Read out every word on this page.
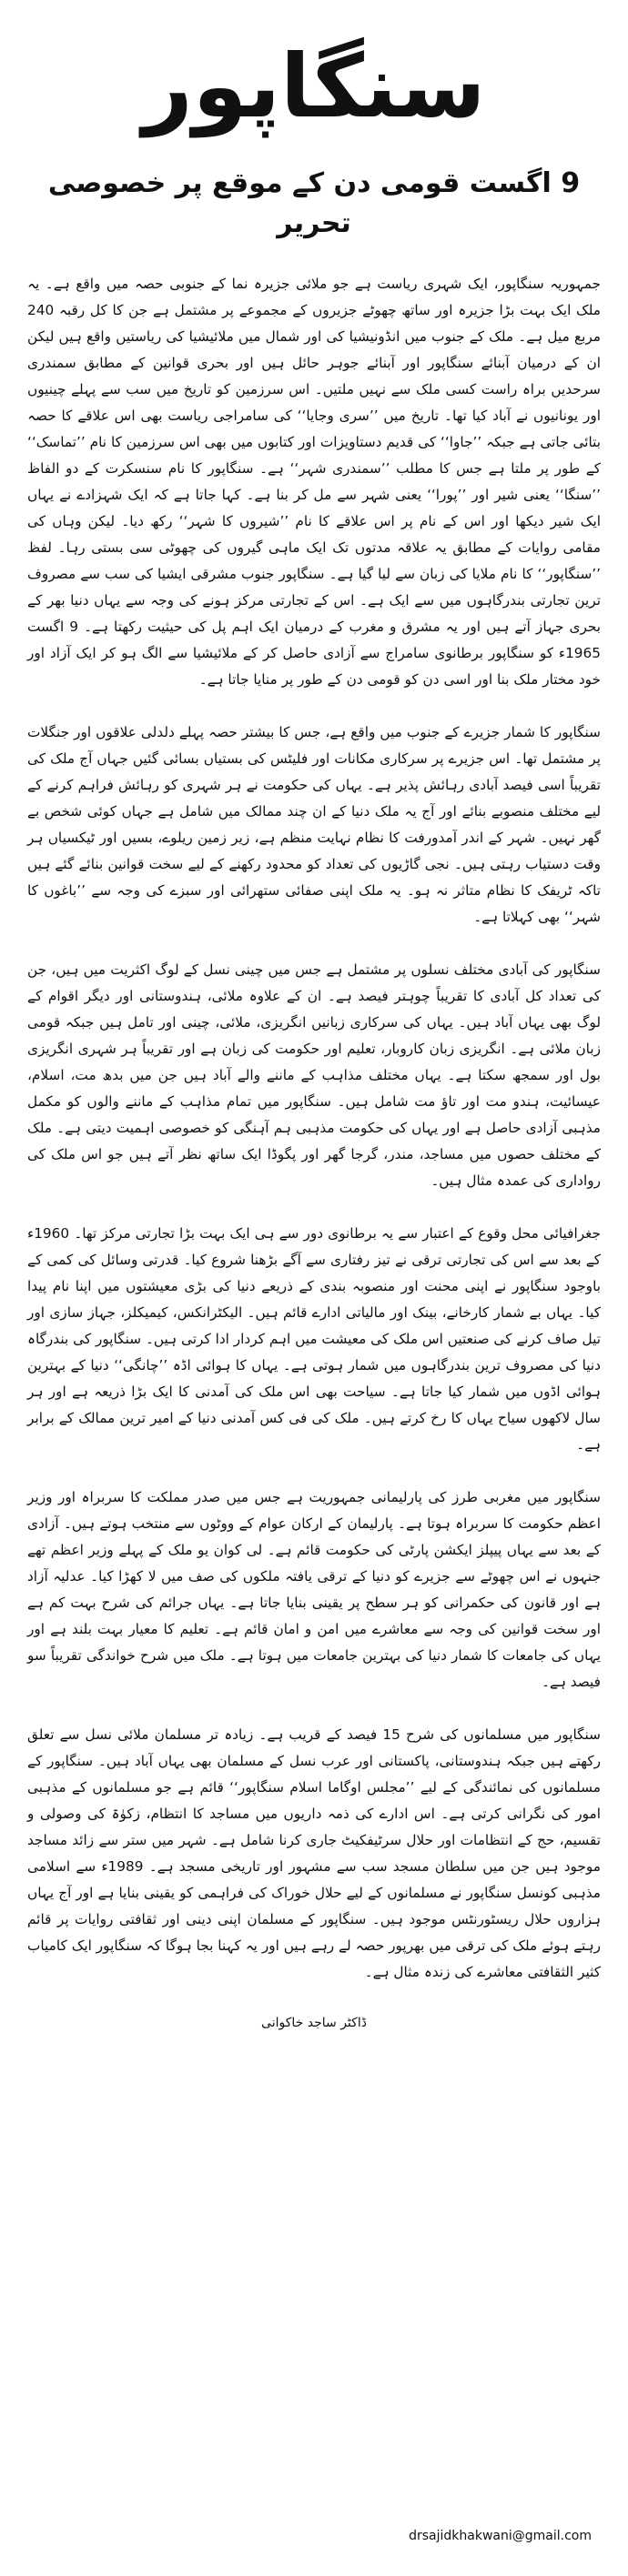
سنگاپور
9 اگست قومی دن کے موقع پر خصوصی تحریر

جمہوریہ سنگاپور، ایک شہری ریاست ہے جو ملائی جزیرہ نما کے جنوبی حصہ میں واقع ہے۔ یہ ملک ایک بہت بڑا جزیرہ اور ساتھ چھوٹے جزیروں کے مجموعے پر مشتمل ہے جن کا کل رقبہ 240 مربع میل ہے۔ ملک کے جنوب میں انڈونیشیا کی اور شمال میں ملائیشیا کی ریاستیں واقع ہیں لیکن ان کے درمیان آبنائے سنگاپور اور آبنائے جوہر حائل ہیں اور بحری قوانین کے مطابق سمندری سرحدیں براہ راست کسی ملک سے نہیں ملتیں۔ اس سرزمین کو تاریخ میں سب سے پہلے چینیوں اور یونانیوں نے آباد کیا تھا۔ تاریخ میں ’’سری وجایا‘‘ کی سامراجی ریاست بھی اس علاقے کا حصہ بتائی جاتی ہے جبکہ ’’جاوا‘‘ کی قدیم دستاویزات اور کتابوں میں بھی اس سرزمین کا نام ’’تماسک‘‘ کے طور پر ملتا ہے جس کا مطلب ’’سمندری شہر‘‘ ہے۔ سنگاپور کا نام سنسکرت کے دو الفاظ ’’سنگا‘‘ یعنی شیر اور ’’پورا‘‘ یعنی شہر سے مل کر بنا ہے۔ کہا جاتا ہے کہ ایک شہزادے نے یہاں ایک شیر دیکھا اور اس کے نام پر اس علاقے کا نام ’’شیروں کا شہر‘‘ رکھ دیا۔ لیکن وہاں کی مقامی روایات کے مطابق یہ علاقہ مدتوں تک ایک ماہی گیروں کی چھوٹی سی بستی رہا۔ لفظ ’’سنگاپور‘‘ کا نام ملایا کی زبان سے لیا گیا ہے۔ سنگاپور جنوب مشرقی ایشیا کی سب سے مصروف ترین تجارتی بندرگاہوں میں سے ایک ہے۔ اس کے تجارتی مرکز ہونے کی وجہ سے یہاں دنیا بھر کے بحری جہاز آتے ہیں اور یہ مشرق و مغرب کے درمیان ایک اہم پل کی حیثیت رکھتا ہے۔ 9 اگست 1965ء کو سنگاپور برطانوی سامراج سے آزادی حاصل کر کے ملائیشیا سے الگ ہو کر ایک آزاد اور خود مختار ملک بنا اور اسی دن کو قومی دن کے طور پر منایا جاتا ہے۔

سنگاپور کا شمار جزیرے کے جنوب میں واقع ہے، جس کا بیشتر حصہ پہلے دلدلی علاقوں اور جنگلات پر مشتمل تھا۔ اس جزیرے پر سرکاری مکانات اور فلیٹس کی بستیاں بسائی گئیں جہاں آج ملک کی تقریباً اسی فیصد آبادی رہائش پذیر ہے۔ یہاں کی حکومت نے ہر شہری کو رہائش فراہم کرنے کے لیے مختلف منصوبے بنائے اور آج یہ ملک دنیا کے ان چند ممالک میں شامل ہے جہاں کوئی شخص بے گھر نہیں۔ شہر کے اندر آمدورفت کا نظام نہایت منظم ہے، زیر زمین ریلوے، بسیں اور ٹیکسیاں ہر وقت دستیاب رہتی ہیں۔ نجی گاڑیوں کی تعداد کو محدود رکھنے کے لیے سخت قوانین بنائے گئے ہیں تاکہ ٹریفک کا نظام متاثر نہ ہو۔ یہ ملک اپنی صفائی ستھرائی اور سبزے کی وجہ سے ’’باغوں کا شہر‘‘ بھی کہلاتا ہے۔

سنگاپور کی آبادی مختلف نسلوں پر مشتمل ہے جس میں چینی نسل کے لوگ اکثریت میں ہیں، جن کی تعداد کل آبادی کا تقریباً چوہتر فیصد ہے۔ ان کے علاوہ ملائی، ہندوستانی اور دیگر اقوام کے لوگ بھی یہاں آباد ہیں۔ یہاں کی سرکاری زبانیں انگریزی، ملائی، چینی اور تامل ہیں جبکہ قومی زبان ملائی ہے۔ انگریزی زبان کاروبار، تعلیم اور حکومت کی زبان ہے اور تقریباً ہر شہری انگریزی بول اور سمجھ سکتا ہے۔ یہاں مختلف مذاہب کے ماننے والے آباد ہیں جن میں بدھ مت، اسلام، عیسائیت، ہندو مت اور تاؤ مت شامل ہیں۔ سنگاپور میں تمام مذاہب کے ماننے والوں کو مکمل مذہبی آزادی حاصل ہے اور یہاں کی حکومت مذہبی ہم آہنگی کو خصوصی اہمیت دیتی ہے۔ ملک کے مختلف حصوں میں مساجد، مندر، گرجا گھر اور پگوڈا ایک ساتھ نظر آتے ہیں جو اس ملک کی رواداری کی عمدہ مثال ہیں۔

جغرافیائی محل وقوع کے اعتبار سے یہ برطانوی دور سے ہی ایک بہت بڑا تجارتی مرکز تھا۔ 1960ء کے بعد سے اس کی تجارتی ترقی نے تیز رفتاری سے آگے بڑھنا شروع کیا۔ قدرتی وسائل کی کمی کے باوجود سنگاپور نے اپنی محنت اور منصوبہ بندی کے ذریعے دنیا کی بڑی معیشتوں میں اپنا نام پیدا کیا۔ یہاں بے شمار کارخانے، بینک اور مالیاتی ادارے قائم ہیں۔ الیکٹرانکس، کیمیکلز، جہاز سازی اور تیل صاف کرنے کی صنعتیں اس ملک کی معیشت میں اہم کردار ادا کرتی ہیں۔ سنگاپور کی بندرگاہ دنیا کی مصروف ترین بندرگاہوں میں شمار ہوتی ہے۔ یہاں کا ہوائی اڈہ ’’چانگی‘‘ دنیا کے بہترین ہوائی اڈوں میں شمار کیا جاتا ہے۔ سیاحت بھی اس ملک کی آمدنی کا ایک بڑا ذریعہ ہے اور ہر سال لاکھوں سیاح یہاں کا رخ کرتے ہیں۔ ملک کی فی کس آمدنی دنیا کے امیر ترین ممالک کے برابر ہے۔

سنگاپور میں مغربی طرز کی پارلیمانی جمہوریت ہے جس میں صدر مملکت کا سربراہ اور وزیر اعظم حکومت کا سربراہ ہوتا ہے۔ پارلیمان کے ارکان عوام کے ووٹوں سے منتخب ہوتے ہیں۔ آزادی کے بعد سے یہاں پیپلز ایکشن پارٹی کی حکومت قائم ہے۔ لی کوان یو ملک کے پہلے وزیر اعظم تھے جنہوں نے اس چھوٹے سے جزیرے کو دنیا کے ترقی یافتہ ملکوں کی صف میں لا کھڑا کیا۔ عدلیہ آزاد ہے اور قانون کی حکمرانی کو ہر سطح پر یقینی بنایا جاتا ہے۔ یہاں جرائم کی شرح بہت کم ہے اور سخت قوانین کی وجہ سے معاشرے میں امن و امان قائم ہے۔ تعلیم کا معیار بہت بلند ہے اور یہاں کی جامعات کا شمار دنیا کی بہترین جامعات میں ہوتا ہے۔ ملک میں شرح خواندگی تقریباً سو فیصد ہے۔

سنگاپور میں مسلمانوں کی شرح 15 فیصد کے قریب ہے۔ زیادہ تر مسلمان ملائی نسل سے تعلق رکھتے ہیں جبکہ ہندوستانی، پاکستانی اور عرب نسل کے مسلمان بھی یہاں آباد ہیں۔ سنگاپور کے مسلمانوں کی نمائندگی کے لیے ’’مجلس اوگاما اسلام سنگاپور‘‘ قائم ہے جو مسلمانوں کے مذہبی امور کی نگرانی کرتی ہے۔ اس ادارے کی ذمہ داریوں میں مساجد کا انتظام، زکوٰۃ کی وصولی و تقسیم، حج کے انتظامات اور حلال سرٹیفکیٹ جاری کرنا شامل ہے۔ شہر میں ستر سے زائد مساجد موجود ہیں جن میں سلطان مسجد سب سے مشہور اور تاریخی مسجد ہے۔ 1989ء سے اسلامی مذہبی کونسل سنگاپور نے مسلمانوں کے لیے حلال خوراک کی فراہمی کو یقینی بنایا ہے اور آج یہاں ہزاروں حلال ریسٹورنٹس موجود ہیں۔ سنگاپور کے مسلمان اپنی دینی اور ثقافتی روایات پر قائم رہتے ہوئے ملک کی ترقی میں بھرپور حصہ لے رہے ہیں اور یہ کہنا بجا ہوگا کہ سنگاپور ایک کامیاب کثیر الثقافتی معاشرے کی زندہ مثال ہے۔

ڈاکٹر ساجد خاکوانی
drsajidkhakwani@gmail.com
